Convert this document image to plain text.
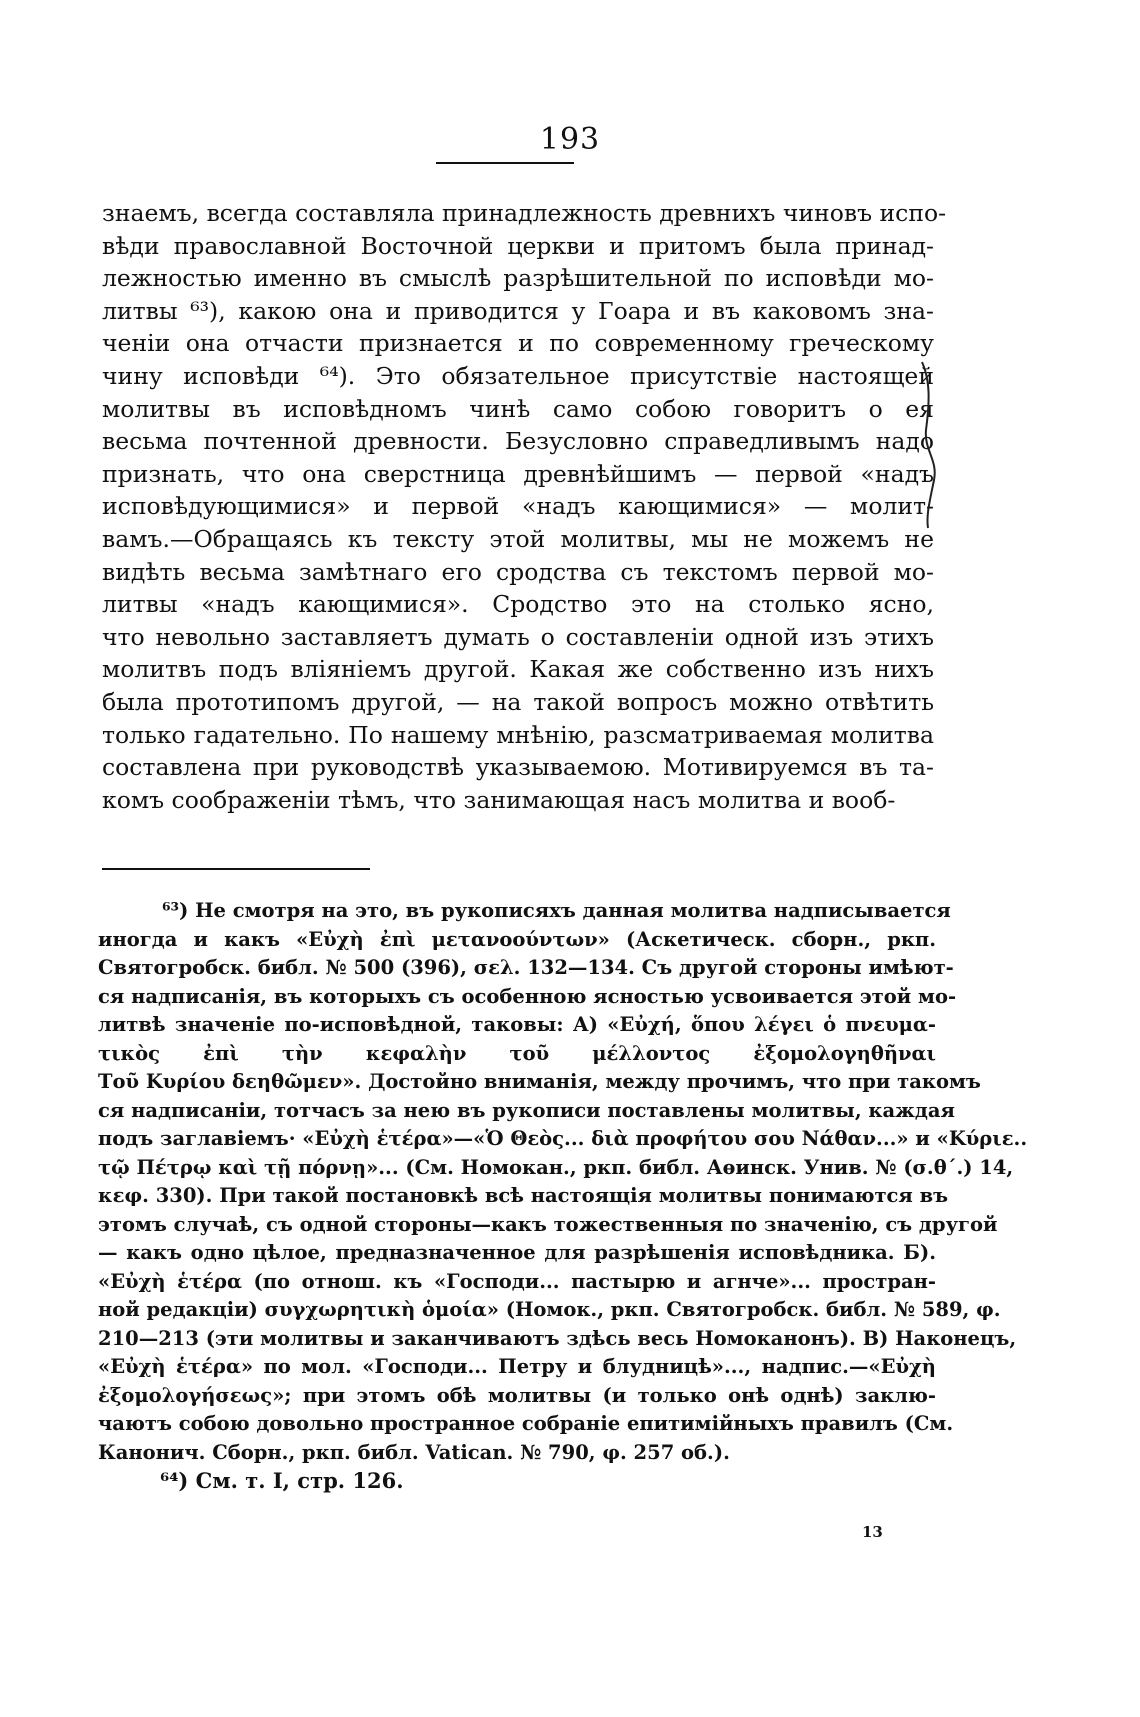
193
знаемъ, всегда составляла принадлежность древнихъ чиновъ испо-
вѣди православной Восточной церкви и притомъ была принад-
лежностью именно въ смыслѣ разрѣшительной по исповѣди мо-
литвы ⁶³), какою она и приводится у Гоара и въ каковомъ зна-
ченіи она отчасти признается и по современному греческому
чину исповѣди ⁶⁴). Это обязательное присутствіе настоящей
молитвы въ исповѣдномъ чинѣ само собою говоритъ о ея
весьма почтенной древности. Безусловно справедливымъ надо
признать, что она сверстница древнѣйшимъ — первой «надъ
исповѣдующимися» и первой «надъ кающимися» — молит-
вамъ.—Обращаясь къ тексту этой молитвы, мы не можемъ не
видѣть весьма замѣтнаго его сродства съ текстомъ первой мо-
литвы «надъ кающимися». Сродство это на столько ясно,
что невольно заставляетъ думать о составленіи одной изъ этихъ
молитвъ подъ вліяніемъ другой. Какая же собственно изъ нихъ
была прототипомъ другой, — на такой вопросъ можно отвѣтить
только гадательно. По нашему мнѣнію, разсматриваемая молитва
составлена при руководствѣ указываемою. Мотивируемся въ та-
комъ соображеніи тѣмъ, что занимающая насъ молитва и вооб-
⁶³) Не смотря на это, въ рукописяхъ данная молитва надписывается
иногда и какъ «Εὐχὴ ἐπὶ μετανοούντων» (Аскетическ. сборн., ркп.
Святогробск. библ. № 500 (396), σελ. 132—134. Съ другой стороны имѣют-
ся надписанія, въ которыхъ съ особенною ясностью усвоивается этой мо-
литвѣ значеніе по-исповѣдной, таковы: А) «Εὐχή, ὅπου λέγει ὁ πνευμα-
τικὸς ἐπὶ τὴν κεφαλὴν τοῦ μέλλοντος ἐξομολογηθῆναι
Τοῦ Κυρίου δεηθῶμεν». Достойно вниманія, между прочимъ, что при такомъ
ся надписаніи, тотчасъ за нею въ рукописи поставлены молитвы, каждая
подъ заглавіемъ· «Εὐχὴ ἑτέρα»—«Ὁ Θεὸς... διὰ προφήτου σου Νάθαν...» и «Κύριε..
τῷ Πέτρῳ καὶ τῇ πόρνῃ»... (См. Номокан., ркп. библ. Аѳинск. Унив. № (σ.θ΄.) 14,
κεφ. 330). При такой постановкѣ всѣ настоящія молитвы понимаются въ
этомъ случаѣ, съ одной стороны—какъ тожественныя по значенію, съ другой
— какъ одно цѣлое, предназначенное для разрѣшенія исповѣдника. Б).
«Εὐχὴ ἑτέρα (по отнош. къ «Господи... пастырю и агнче»... простран-
ной редакціи) συγχωρητικὴ ὁμοία» (Номок., ркп. Святогробск. библ. № 589, φ.
210—213 (эти молитвы и заканчиваютъ здѣсь весь Номоканонъ). В) Наконецъ,
«Εὐχὴ ἑτέρα» по мол. «Господи... Петру и блудницѣ»..., надпис.—«Εὐχὴ
ἐξομολογήσεως»; при этомъ обѣ молитвы (и только онѣ однѣ) заклю-
чаютъ собою довольно пространное собраніе епитимійныхъ правилъ (См.
Канонич. Сборн., ркп. библ. Vatican. № 790, φ. 257 об.).
⁶⁴) См. т. I, стр. 126.
13
